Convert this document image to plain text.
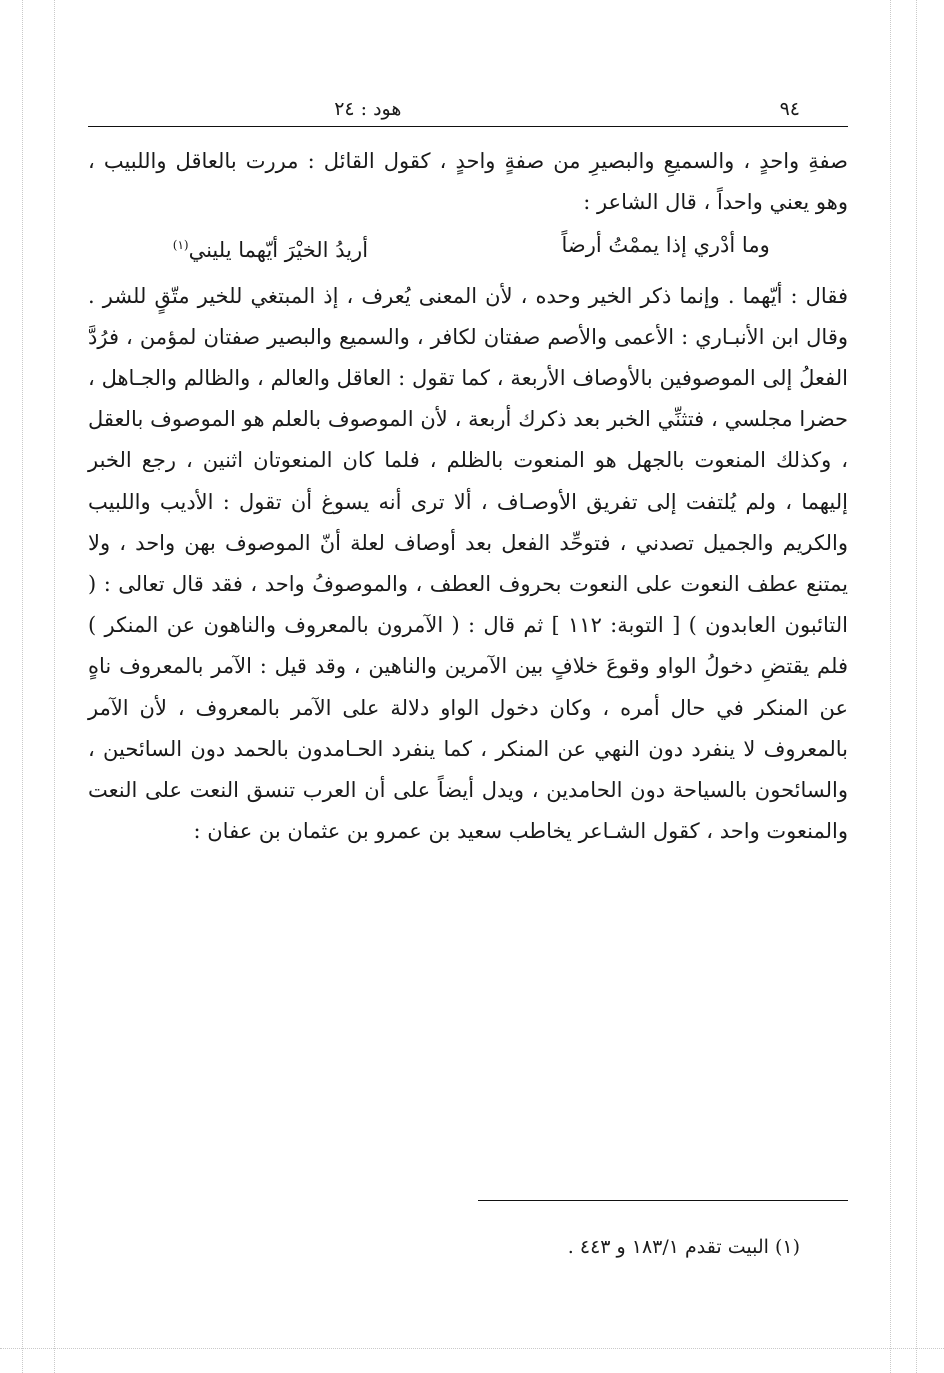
٩٤
هود : ٢٤

صفةِ واحدٍ ، والسميعِ والبصيرِ من صفةٍ واحدٍ ، كقول القائل : مررت بالعاقل واللبيب ، وهو يعني واحداً ، قال الشاعر :

وما أدْري إذا يممْتُ أرضاً
أريدُ الخيْرَ أيّهما يليني$^{(١)}$

فقال : أيّهما . وإنما ذكر الخير وحده ، لأن المعنى يُعرف ، إذ المبتغي للخير متّقٍ للشر . وقال ابن الأنبـاري : الأعمى والأصم صفتان لكافر ، والسميع والبصير صفتان لمؤمن ، فرُدَّ الفعلُ إلى الموصوفين بالأوصاف الأربعة ، كما تقول : العاقل والعالم ، والظالم والجـاهل ، حضرا مجلسي ، فتثنِّي الخبر بعد ذكرك أربعة ، لأن الموصوف بالعلم هو الموصوف بالعقل ، وكذلك المنعوت بالجهل هو المنعوت بالظلم ، فلما كان المنعوتان اثنين ، رجع الخبر إليهما ، ولم يُلتفت إلى تفريق الأوصـاف ، ألا ترى أنه يسوغ أن تقول : الأديب واللبيب والكريم والجميل تصدني ، فتوحِّد الفعل بعد أوصاف لعلة أنّ الموصوف بهن واحد ، ولا يمتنع عطف النعوت على النعوت بحروف العطف ، والموصوفُ واحد ، فقد قال تعالى : ( التائبون العابدون ) [ التوبة: ١١٢ ] ثم قال : ( الآمرون بالمعروف والناهون عن المنكر ) فلم يقتضِ دخولُ الواو وقوعَ خلافٍ بين الآمرين والناهين ، وقد قيل : الآمر بالمعروف ناهٍ عن المنكر في حال أمره ، وكان دخول الواو دلالة على الآمر بالمعروف ، لأن الآمر بالمعروف لا ينفرد دون النهي عن المنكر ، كما ينفرد الحـامدون بالحمد دون السائحين ، والسائحون بالسياحة دون الحامدين ، ويدل أيضاً على أن العرب تنسق النعت على النعت والمنعوت واحد ، كقول الشـاعر يخاطب سعيد بن عمرو بن عثمان بن عفان :

(١) البيت تقدم ١٨٣/١ و ٤٤٣ .
